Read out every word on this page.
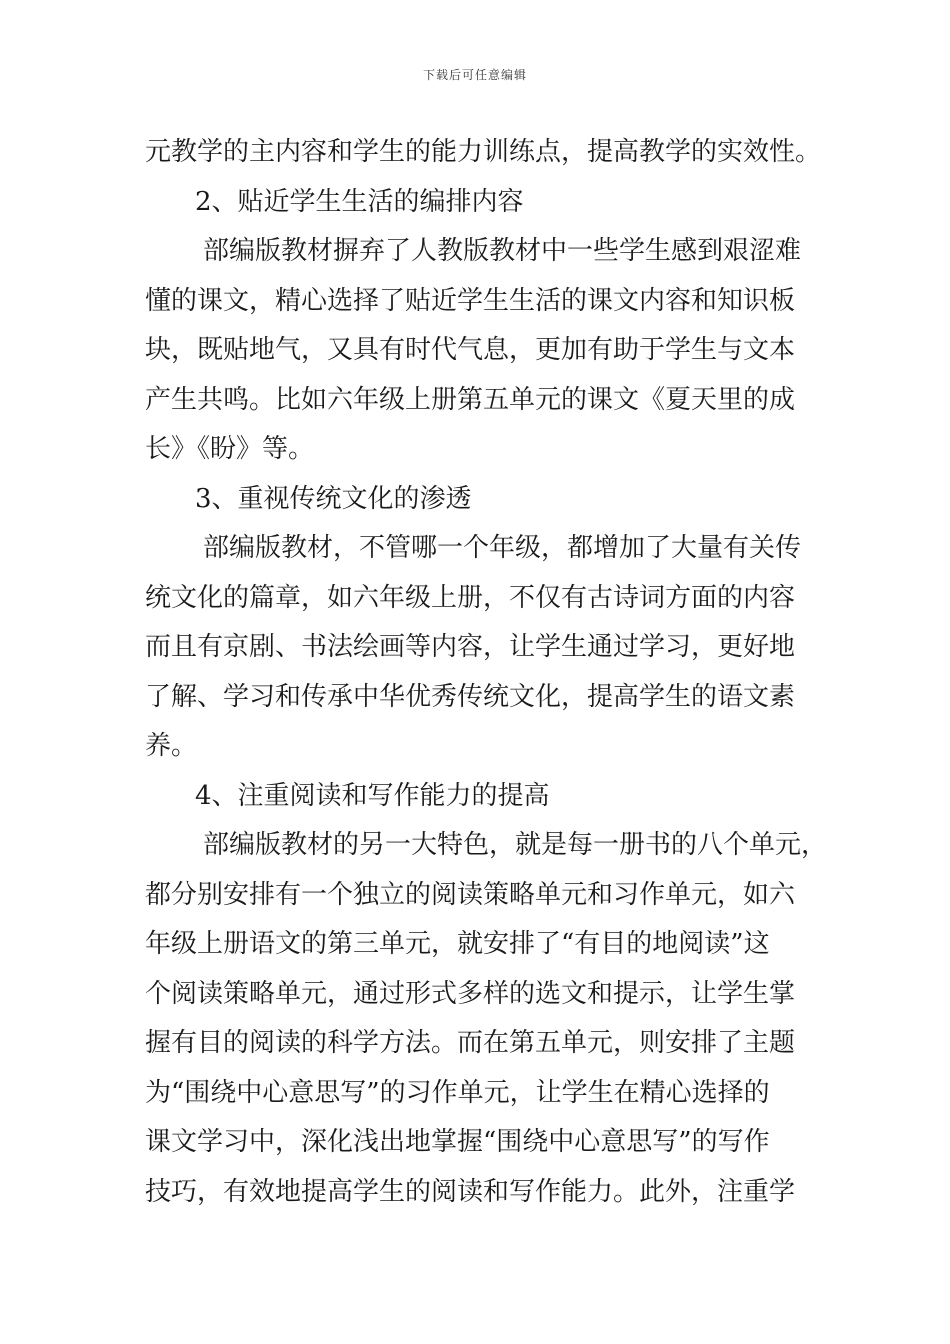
下载后可任意编辑
元教学的主内容和学生的能力训练点，提高教学的实效性。
2、贴近学生生活的编排内容
部编版教材摒弃了人教版教材中一些学生感到艰涩难
懂的课文，精心选择了贴近学生生活的课文内容和知识板
块，既贴地气，又具有时代气息，更加有助于学生与文本
产生共鸣。比如六年级上册第五单元的课文《夏天里的成
长》《盼》等。
3、重视传统文化的渗透
部编版教材，不管哪一个年级，都增加了大量有关传
统文化的篇章，如六年级上册，不仅有古诗词方面的内容
而且有京剧、书法绘画等内容，让学生通过学习，更好地
了解、学习和传承中华优秀传统文化，提高学生的语文素
养。
4、注重阅读和写作能力的提高
部编版教材的另一大特色，就是每一册书的八个单元，
都分别安排有一个独立的阅读策略单元和习作单元，如六
年级上册语文的第三单元，就安排了“有目的地阅读”这
个阅读策略单元，通过形式多样的选文和提示，让学生掌
握有目的阅读的科学方法。而在第五单元，则安排了主题
为“围绕中心意思写”的习作单元，让学生在精心选择的
课文学习中，深化浅出地掌握“围绕中心意思写”的写作
技巧，有效地提高学生的阅读和写作能力。此外，注重学
